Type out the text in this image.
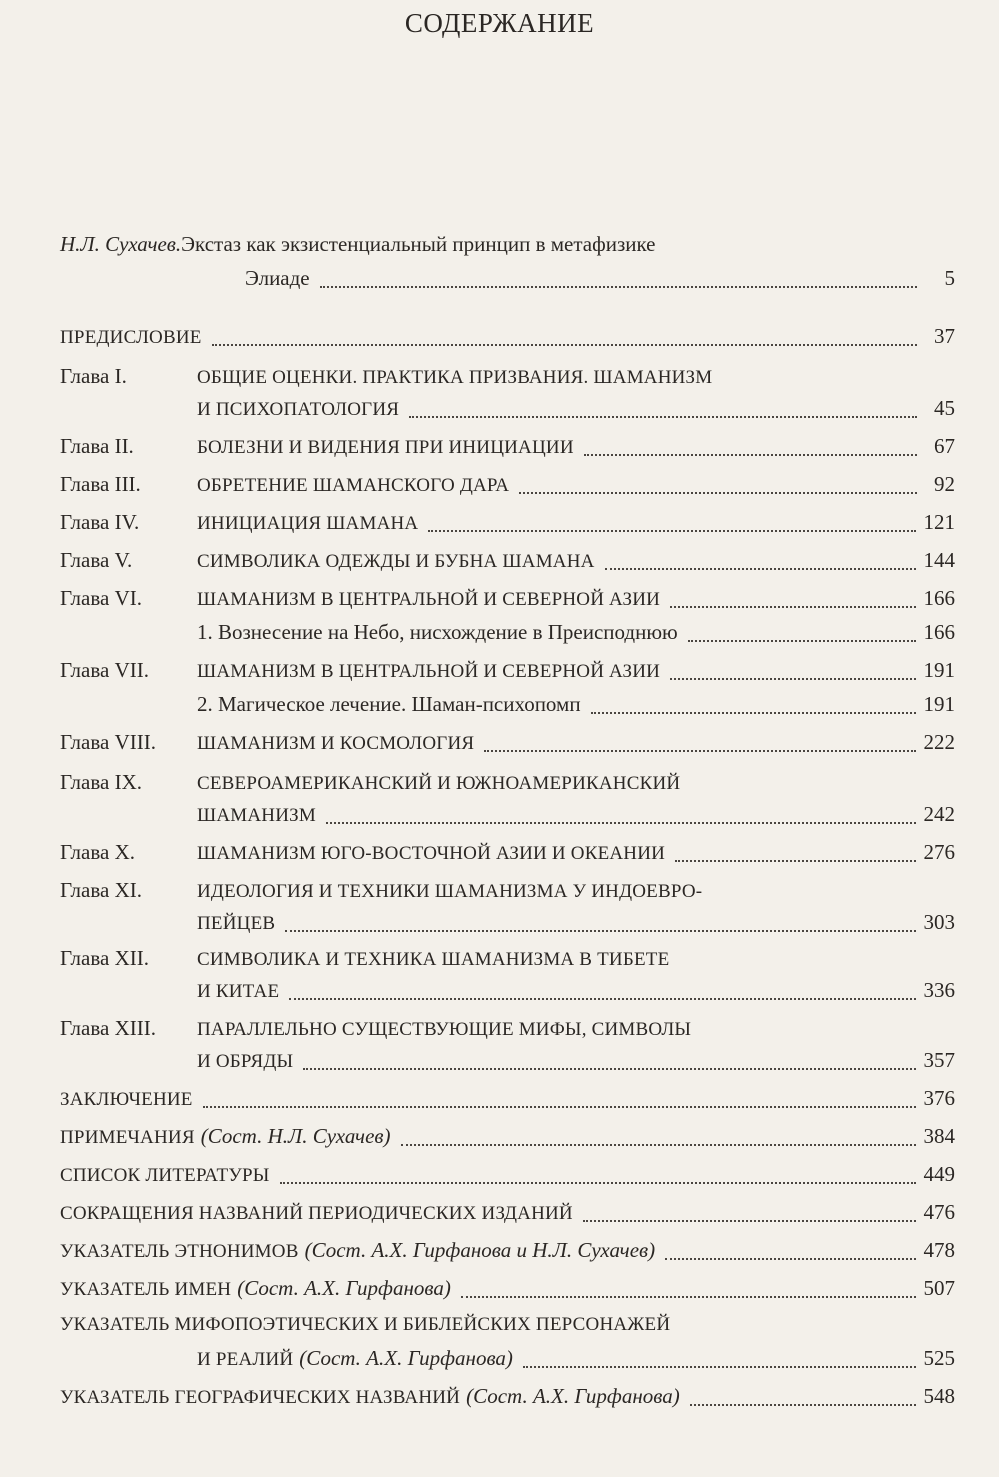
СОДЕРЖАНИЕ
Н.Л. Сухачев. Экстаз как экзистенциальный принцип в метафизике
Элиаде	5
ПРЕДИСЛОВИЕ	37
Глава I.	ОБЩИЕ ОЦЕНКИ. ПРАКТИКА ПРИЗВАНИЯ. ШАМАНИЗМ
И ПСИХОПАТОЛОГИЯ	45
Глава II.	БОЛЕЗНИ И ВИДЕНИЯ ПРИ ИНИЦИАЦИИ	67
Глава III.	ОБРЕТЕНИЕ ШАМАНСКОГО ДАРА	92
Глава IV.	ИНИЦИАЦИЯ ШАМАНА	121
Глава V.	СИМВОЛИКА ОДЕЖДЫ И БУБНА ШАМАНА	144
Глава VI.	ШАМАНИЗМ В ЦЕНТРАЛЬНОЙ И СЕВЕРНОЙ АЗИИ	166
1. Вознесение на Небо, нисхождение в Преисподнюю	166
Глава VII.	ШАМАНИЗМ В ЦЕНТРАЛЬНОЙ И СЕВЕРНОЙ АЗИИ	191
2. Магическое лечение. Шаман-психопомп	191
Глава VIII.	ШАМАНИЗМ И КОСМОЛОГИЯ	222
Глава IX.	СЕВЕРОАМЕРИКАНСКИЙ И ЮЖНОАМЕРИКАНСКИЙ
ШАМАНИЗМ	242
Глава X.	ШАМАНИЗМ ЮГО-ВОСТОЧНОЙ АЗИИ И ОКЕАНИИ	276
Глава XI.	ИДЕОЛОГИЯ И ТЕХНИКИ ШАМАНИЗМА У ИНДОЕВРО-
ПЕЙЦЕВ	303
Глава XII.	СИМВОЛИКА И ТЕХНИКА ШАМАНИЗМА В ТИБЕТЕ
И КИТАЕ	336
Глава XIII.	ПАРАЛЛЕЛЬНО СУЩЕСТВУЮЩИЕ МИФЫ, СИМВОЛЫ
И ОБРЯДЫ	357
ЗАКЛЮЧЕНИЕ	376
ПРИМЕЧАНИЯ (Сост. Н.Л. Сухачев)	384
СПИСОК ЛИТЕРАТУРЫ	449
СОКРАЩЕНИЯ НАЗВАНИЙ ПЕРИОДИЧЕСКИХ ИЗДАНИЙ	476
УКАЗАТЕЛЬ ЭТНОНИМОВ (Сост. А.Х. Гирфанова и Н.Л. Сухачев)	478
УКАЗАТЕЛЬ ИМЕН (Сост. А.Х. Гирфанова)	507
УКАЗАТЕЛЬ МИФОПОЭТИЧЕСКИХ И БИБЛЕЙСКИХ ПЕРСОНАЖЕЙ
И РЕАЛИЙ (Сост. А.Х. Гирфанова)	525
УКАЗАТЕЛЬ ГЕОГРАФИЧЕСКИХ НАЗВАНИЙ (Сост. А.Х. Гирфанова)	548
